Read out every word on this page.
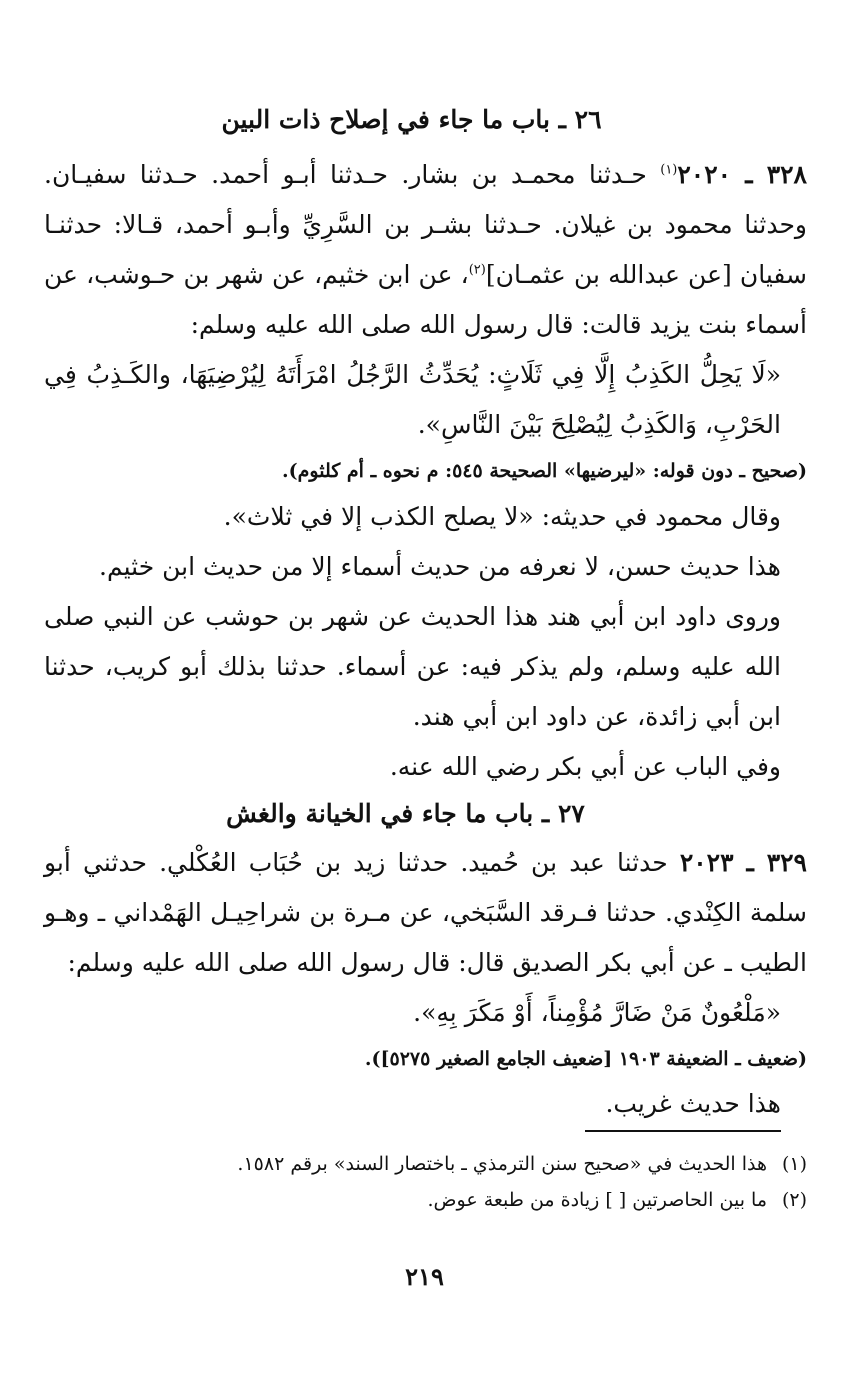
٢٦ ـ باب ما جاء في إصلاح ذات البين

٣٢٨ ـ ٢٠٢٠$^{(١)}$ حـدثنا محمـد بن بشار. حـدثنا أبـو أحمد. حـدثنا سفيـان. وحدثنا محمود بن غيلان. حـدثنا بشـر بن السَّرِيِّ وأبـو أحمد، قـالا: حدثنـا سفيان [عن عبدالله بن عثمـان]$^{(٢)}$، عن ابن خثيم، عن شهر بن حـوشب، عن أسماء بنت يزيد قالت: قال رسول الله صلى الله عليه وسلم:

«لَا يَحِلُّ الكَذِبُ إِلَّا فِي ثَلَاثٍ: يُحَدِّثُ الرَّجُلُ امْرَأَتَهُ لِيُرْضِيَهَا، والكَـذِبُ فِي الحَرْبِ، وَالكَذِبُ لِيُصْلِحَ بَيْنَ النَّاسِ».

(صحيح ـ دون قوله: «ليرضيها» الصحيحة ٥٤٥: م نحوه ـ أم كلثوم).

وقال محمود في حديثه: «لا يصلح الكذب إلا في ثلاث».

هذا حديث حسن، لا نعرفه من حديث أسماء إلا من حديث ابن خثيم.

وروى داود ابن أبي هند هذا الحديث عن شهر بن حوشب عن النبي صلى الله عليه وسلم، ولم يذكر فيه: عن أسماء. حدثنا بذلك أبو كريب، حدثنا ابن أبي زائدة، عن داود ابن أبي هند.

وفي الباب عن أبي بكر رضي الله عنه.

٢٧ ـ باب ما جاء في الخيانة والغش

٣٢٩ ـ ٢٠٢٣ حدثنا عبد بن حُميد. حدثنا زيد بن حُبَاب العُكْلي. حدثني أبو سلمة الكِنْدي. حدثنا فـرقد السَّبَخي، عن مـرة بن شراحِيـل الهَمْداني ـ وهـو الطيب ـ عن أبي بكر الصديق قال: قال رسول الله صلى الله عليه وسلم:

«مَلْعُونٌ مَنْ ضَارَّ مُؤْمِناً، أَوْ مَكَرَ بِهِ».

(ضعيف ـ الضعيفة ١٩٠٣ [ضعيف الجامع الصغير ٥٢٧٥]).

هذا حديث غريب.

(١)هذا الحديث في «صحيح سنن الترمذي ـ باختصار السند» برقم ١٥٨٢.

(٢)ما بين الحاصرتين [ ] زيادة من طبعة عوض.

٢١٩
